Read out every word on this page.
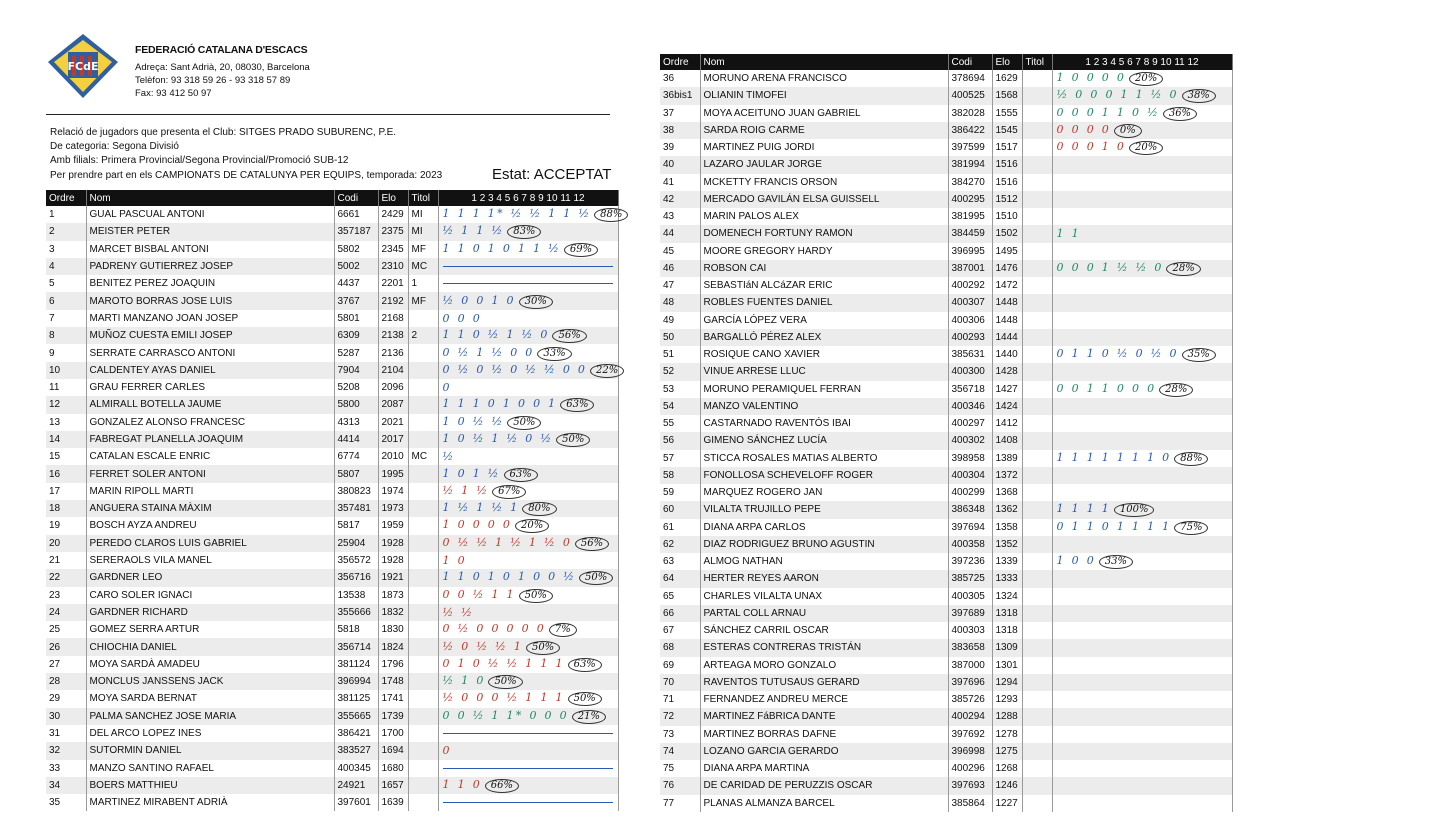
FCdE
FEDERACIÓ CATALANA D'ESCACS
Adreça: Sant Adrià, 20, 08030, Barcelona
Telèfon: 93 318 59 26 - 93 318 57 89
Fax: 93 412 50 97
Relació de jugadors que presenta el Club: SITGES PRADO SUBURENC, P.E.
De categoria: Segona Divisió
Amb filials: Primera Provincial/Segona Provincial/Promoció SUB-12
Per prendre part en els CAMPIONATS DE CATALUNYA PER EQUIPS, temporada: 2023	Estat: ACCEPTAT
Ordre	Nom	Codi	Elo	Titol	1 2 3 4 5 6 7 8 9 10 11 12
1	GUAL PASCUAL ANTONI	6661	2429	MI	1 1 1 1* ½ ½ 1 1 ½ 88%
2	MEISTER PETER	357187	2375	MI	½ 1 1 ½ 83%
3	MARCET BISBAL ANTONI	5802	2345	MF	1 1 0 1 0 1 1 ½ 69%
4	PADRENY GUTIERREZ JOSEP	5002	2310	MC	
5	BENITEZ PEREZ JOAQUIN	4437	2201	1	
6	MAROTO BORRAS JOSE LUIS	3767	2192	MF	½ 0 0 1 0 30%
7	MARTI MANZANO JOAN JOSEP	5801	2168		0 0 0
8	MUÑOZ CUESTA EMILI JOSEP	6309	2138	2	1 1 0 ½ 1 ½ 0 56%
9	SERRATE CARRASCO ANTONI	5287	2136		0 ½ 1 ½ 0 0 33%
10	CALDENTEY AYAS DANIEL	7904	2104		0 ½ 0 ½ 0 ½ ½ 0 0 22%
11	GRAU FERRER CARLES	5208	2096		0
12	ALMIRALL BOTELLA JAUME	5800	2087		1 1 1 0 1 0 0 1 63%
13	GONZALEZ ALONSO FRANCESC	4313	2021		1 0 ½ ½ 50%
14	FABREGAT PLANELLA JOAQUIM	4414	2017		1 0 ½ 1 ½ 0 ½ 50%
15	CATALAN ESCALE ENRIC	6774	2010	MC	½
16	FERRET SOLER ANTONI	5807	1995		1 0 1 ½ 63%
17	MARIN RIPOLL MARTI	380823	1974		½ 1 ½ 67%
18	ANGUERA STAINA MÀXIM	357481	1973		1 ½ 1 ½ 1 80%
19	BOSCH AYZA ANDREU	5817	1959		1 0 0 0 0 20%
20	PEREDO CLAROS LUIS GABRIEL	25904	1928		0 ½ ½ 1 ½ 1 ½ 0 56%
21	SERERAOLS VILA MANEL	356572	1928		1 0
22	GARDNER LEO	356716	1921		1 1 0 1 0 1 0 0 ½ 50%
23	CARO SOLER IGNACI	13538	1873		0 0 ½ 1 1 50%
24	GARDNER RICHARD	355666	1832		½ ½
25	GOMEZ SERRA ARTUR	5818	1830		0 ½ 0 0 0 0 0 7%
26	CHIOCHIA DANIEL	356714	1824		½ 0 ½ ½ 1 50%
27	MOYA SARDÀ AMADEU	381124	1796		0 1 0 ½ ½ 1 1 1 63%
28	MONCLUS JANSSENS JACK	396994	1748		½ 1 0 50%
29	MOYA SARDA BERNAT	381125	1741		½ 0 0 0 ½ 1 1 1 50%
30	PALMA SANCHEZ JOSE MARIA	355665	1739		0 0 ½ 1 1* 0 0 0 21%
31	DEL ARCO LOPEZ INES	386421	1700		
32	SUTORMIN DANIEL	383527	1694		0
33	MANZO SANTINO RAFAEL	400345	1680		
34	BOERS MATTHIEU	24921	1657		1 1 0 66%
35	MARTINEZ MIRABENT ADRIÀ	397601	1639		
Ordre	Nom	Codi	Elo	Titol	1 2 3 4 5 6 7 8 9 10 11 12
36	MORUNO ARENA FRANCISCO	378694	1629		1 0 0 0 0 20%
36bis1	OLIANIN TIMOFEI	400525	1568		½ 0 0 0 1 1 ½ 0 38%
37	MOYA ACEITUNO JUAN GABRIEL	382028	1555		0 0 0 1 1 0 ½ 36%
38	SARDA ROIG CARME	386422	1545		0 0 0 0 0%
39	MARTINEZ PUIG JORDI	397599	1517		0 0 0 1 0 20%
40	LAZARO JAULAR JORGE	381994	1516		
41	MCKETTY FRANCIS ORSON	384270	1516		
42	MERCADO GAVILÁN ELSA GUISSELL	400295	1512		
43	MARIN PALOS ALEX	381995	1510		
44	DOMENECH FORTUNY RAMON	384459	1502		1 1
45	MOORE GREGORY HARDY	396995	1495		
46	ROBSON CAI	387001	1476		0 0 0 1 ½ ½ 0 28%
47	SEBASTIáN ALCáZAR ERIC	400292	1472		
48	ROBLES FUENTES DANIEL	400307	1448		
49	GARCÍA LÓPEZ VERA	400306	1448		
50	BARGALLÓ PÉREZ ALEX	400293	1444		
51	ROSIQUE CANO XAVIER	385631	1440		0 1 1 0 ½ 0 ½ 0 35%
52	VINUE ARRESE LLUC	400300	1428		
53	MORUNO PERAMIQUEL FERRAN	356718	1427		0 0 1 1 0 0 0 28%
54	MANZO VALENTINO	400346	1424		
55	CASTARNADO RAVENTÓS IBAI	400297	1412		
56	GIMENO SÁNCHEZ LUCÍA	400302	1408		
57	STICCA ROSALES MATIAS ALBERTO	398958	1389		1 1 1 1 1 1 1 0 88%
58	FONOLLOSA SCHEVELOFF ROGER	400304	1372		
59	MARQUEZ ROGERO JAN	400299	1368		
60	VILALTA TRUJILLO PEPE	386348	1362		1 1 1 1 100%
61	DIANA ARPA CARLOS	397694	1358		0 1 1 0 1 1 1 1 75%
62	DIAZ RODRIGUEZ BRUNO AGUSTIN	400358	1352		
63	ALMOG NATHAN	397236	1339		1 0 0 33%
64	HERTER REYES AARON	385725	1333		
65	CHARLES VILALTA UNAX	400305	1324		
66	PARTAL COLL ARNAU	397689	1318		
67	SÁNCHEZ CARRIL OSCAR	400303	1318		
68	ESTERAS CONTRERAS TRISTÁN	383658	1309		
69	ARTEAGA MORO GONZALO	387000	1301		
70	RAVENTOS TUTUSAUS GERARD	397696	1294		
71	FERNANDEZ ANDREU MERCE	385726	1293		
72	MARTINEZ FáBRICA DANTE	400294	1288		
73	MARTINEZ BORRAS DAFNE	397692	1278		
74	LOZANO GARCIA GERARDO	396998	1275		
75	DIANA ARPA MARTINA	400296	1268		
76	DE CARIDAD DE PERUZZIS OSCAR	397693	1246		
77	PLANAS ALMANZA BARCEL	385864	1227		
